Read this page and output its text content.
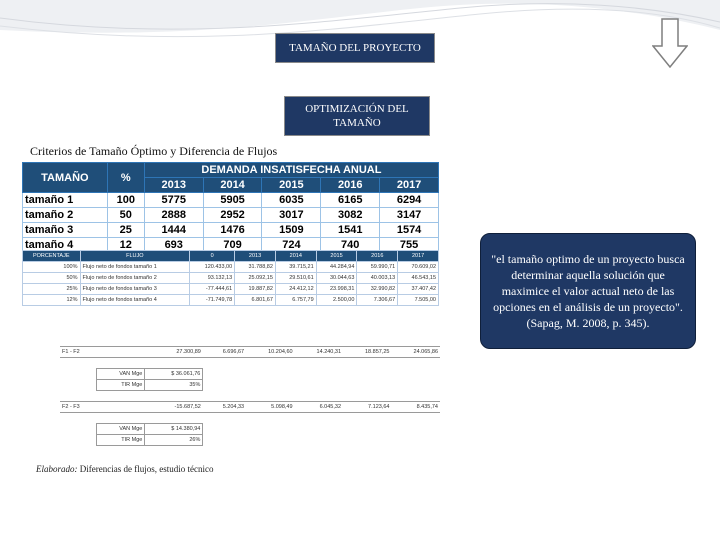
TAMAÑO DEL PROYECTO
OPTIMIZACIÓN DEL TAMAÑO
Criterios de Tamaño Óptimo y Diferencia de Flujos
TAMAÑO	%	DEMANDA INSATISFECHA ANUAL				
		2013	2014	2015	2016	2017
tamaño 1	100	5775	5905	6035	6165	6294
tamaño 2	50	2888	2952	3017	3082	3147
tamaño 3	25	1444	1476	1509	1541	1574
tamaño 4	12	693	709	724	740	755
PORCENTAJE	FLUJO	0	2013	2014	2015	2016	2017
100%	Flujo neto de fondos tamaño 1	120.433,00	31.788,82	39.715,21	44.284,94	59.990,71	70.609,02
50%	Flujo neto de fondos tamaño 2	93.132,13	25.092,15	29.510,61	30.044,63	40.003,13	46.543,15
25%	Flujo neto de fondos tamaño 3	-77.444,61	19.887,82	24.412,12	23.998,31	32.990,82	37.407,42
12%	Flujo neto de fondos tamaño 4	-71.749,78	6.801,67	6.757,79	2.500,00	7.306,67	7.505,00
F1 - F2		27.300,89	6.696,67	10.204,60	14.240,31	18.857,25	24.065,86

	VAN Mge	$ 36.061,76					
	TIR Mge	35%					

F2 - F3		-15.687,52	5.204,33	5.098,49	6.045,32	7.123,64	8.435,74

	VAN Mge	$ 14.380,94					
	TIR Mge	26%					
"el tamaño optimo de un proyecto busca determinar aquella solución que maximice el valor actual neto de las opciones en el análisis de un proyecto". (Sapag, M. 2008, p. 345).
Elaborado: Diferencias de flujos, estudio técnico
